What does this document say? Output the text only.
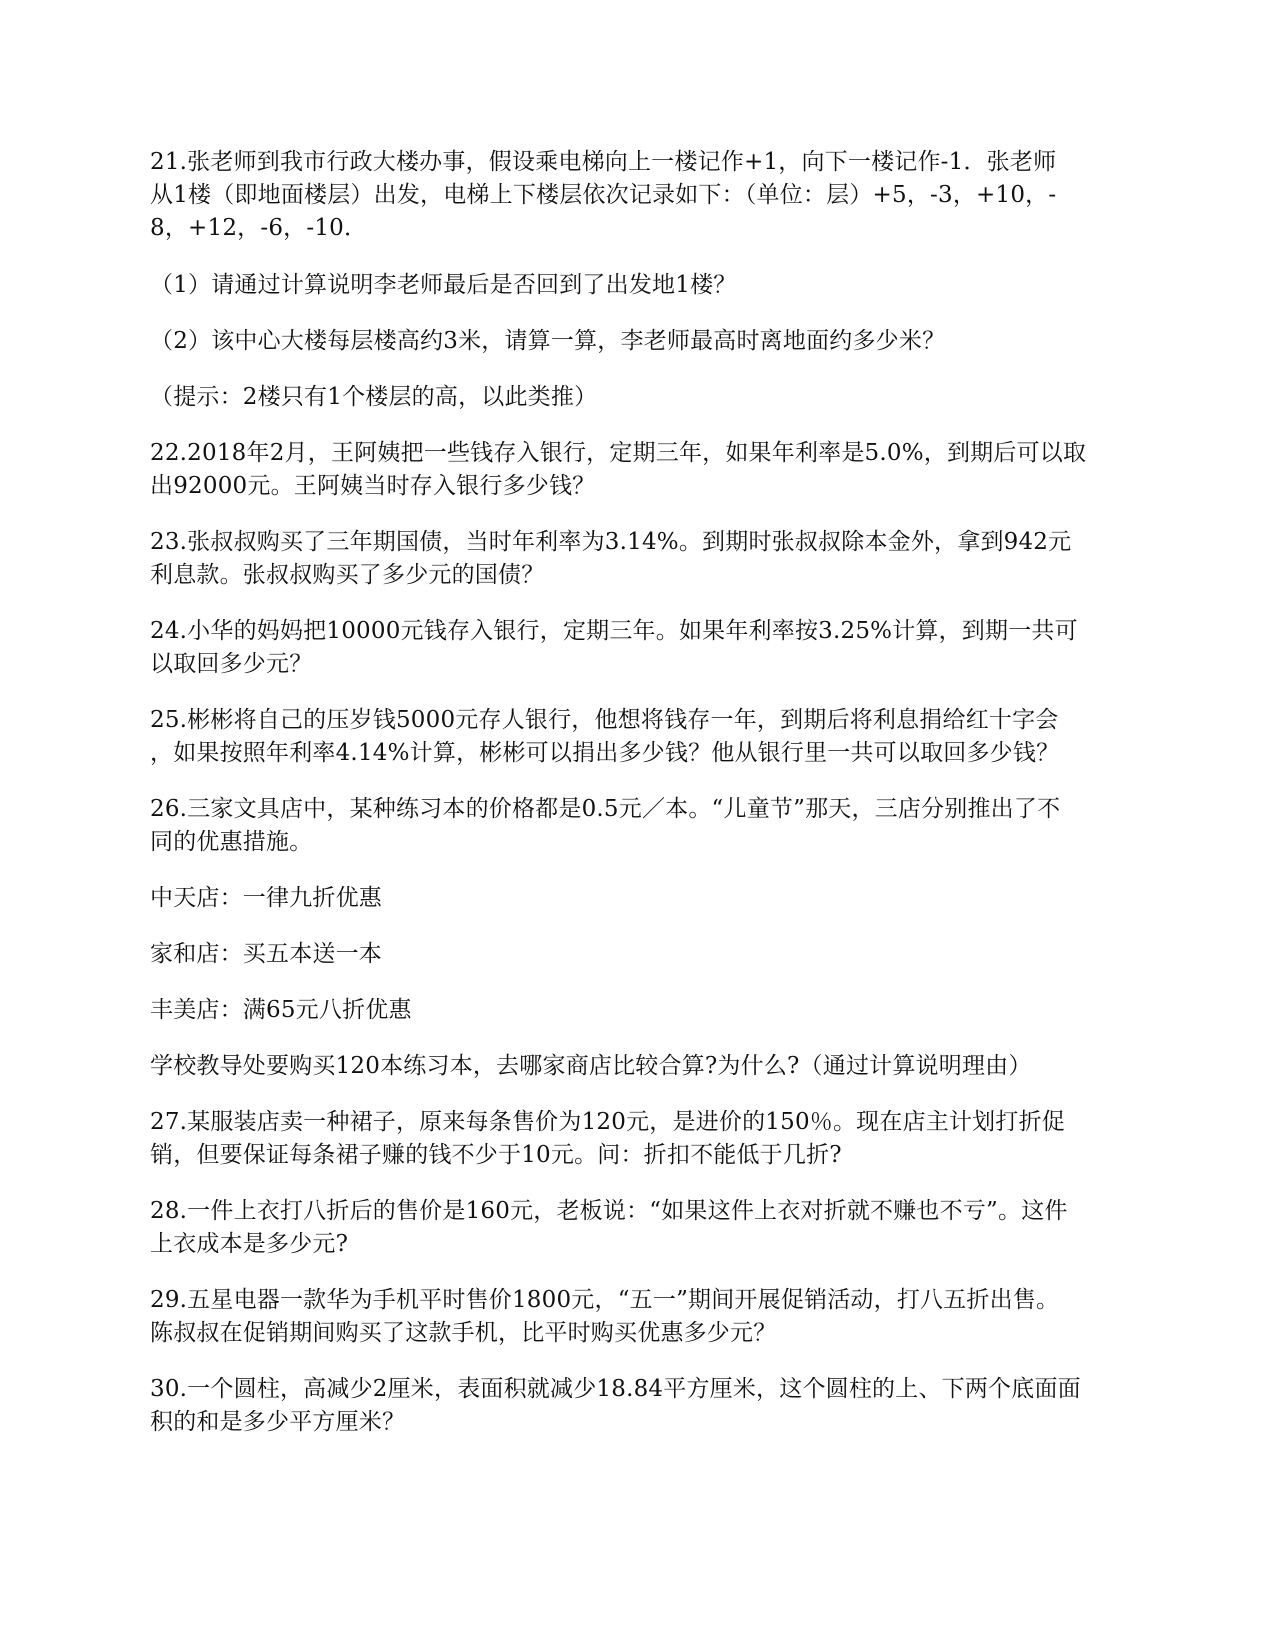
21.张老师到我市行政大楼办事，假设乘电梯向上一楼记作+1，向下一楼记作-1．张老师
从1楼（即地面楼层）出发，电梯上下楼层依次记录如下：（单位：层）+5，-3，+10，-
8，+12，-6，-10．

（1）请通过计算说明李老师最后是否回到了出发地1楼？

（2）该中心大楼每层楼高约3米，请算一算，李老师最高时离地面约多少米？

（提示：2楼只有1个楼层的高，以此类推）

22.2018年2月，王阿姨把一些钱存入银行，定期三年，如果年利率是5.0%，到期后可以取
出92000元。王阿姨当时存入银行多少钱？

23.张叔叔购买了三年期国债，当时年利率为3.14%。到期时张叔叔除本金外，拿到942元
利息款。张叔叔购买了多少元的国债？

24.小华的妈妈把10000元钱存入银行，定期三年。如果年利率按3.25%计算，到期一共可
以取回多少元？

25.彬彬将自己的压岁钱5000元存人银行，他想将钱存一年，到期后将利息捐给红十字会
，如果按照年利率4.14%计算，彬彬可以捐出多少钱？他从银行里一共可以取回多少钱？

26.三家文具店中，某种练习本的价格都是0.5元／本。“儿童节”那天，三店分别推出了不
同的优惠措施。

中天店：一律九折优惠

家和店：买五本送一本

丰美店：满65元八折优惠

学校教导处要购买120本练习本，去哪家商店比较合算?为什么?（通过计算说明理由）

27.某服装店卖一种裙子，原来每条售价为120元，是进价的150％。现在店主计划打折促
销，但要保证每条裙子赚的钱不少于10元。问：折扣不能低于几折?

28.一件上衣打八折后的售价是160元，老板说：“如果这件上衣对折就不赚也不亏”。这件
上衣成本是多少元?

29.五星电器一款华为手机平时售价1800元，“五一”期间开展促销活动，打八五折出售。
陈叔叔在促销期间购买了这款手机，比平时购买优惠多少元？

30.一个圆柱，高减少2厘米，表面积就减少18.84平方厘米，这个圆柱的上、下两个底面面
积的和是多少平方厘米？
